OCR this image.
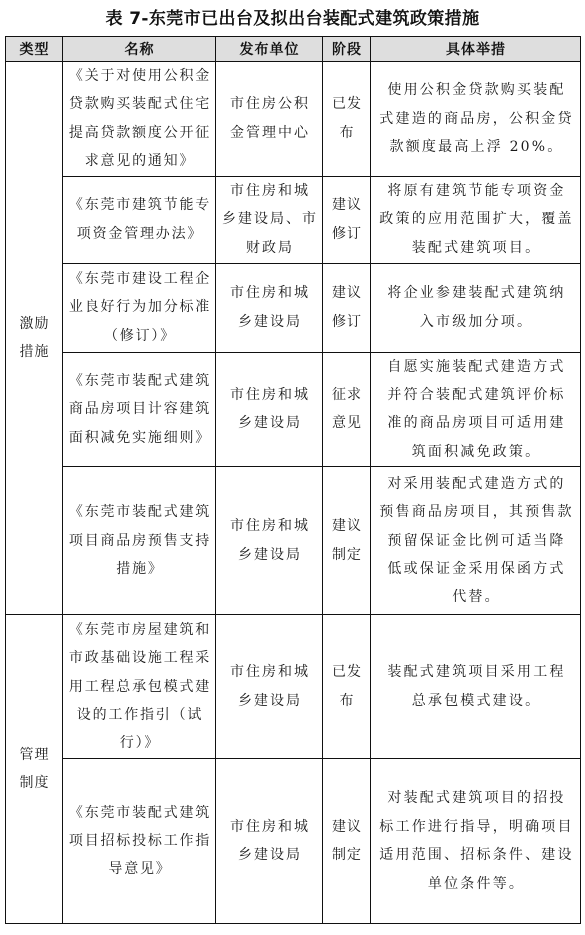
表 7-东莞市已出台及拟出台装配式建筑政策措施
类型	名称	发布单位	阶段	具体举措
激励
措施	《关于对使用公积金
贷款购买装配式住宅
提高贷款额度公开征
求意见的通知》	市住房公积
金管理中心	已发
布	使用公积金贷款购买装配
式建造的商品房，公积金贷
款额度最高上浮 20%。
	《东莞市建筑节能专
项资金管理办法》	市住房和城
乡建设局、市
财政局	建议
修订	将原有建筑节能专项资金
政策的应用范围扩大，覆盖
装配式建筑项目。
	《东莞市建设工程企
业良好行为加分标准
（修订）》	市住房和城
乡建设局	建议
修订	将企业参建装配式建筑纳
入市级加分项。
	《东莞市装配式建筑
商品房项目计容建筑
面积减免实施细则》	市住房和城
乡建设局	征求
意见	自愿实施装配式建造方式
并符合装配式建筑评价标
准的商品房项目可适用建
筑面积减免政策。
	《东莞市装配式建筑
项目商品房预售支持
措施》	市住房和城
乡建设局	建议
制定	对采用装配式建造方式的
预售商品房项目，其预售款
预留保证金比例可适当降
低或保证金采用保函方式
代替。
管理
制度	《东莞市房屋建筑和
市政基础设施工程采
用工程总承包模式建
设的工作指引（试
行）》	市住房和城
乡建设局	已发
布	装配式建筑项目采用工程
总承包模式建设。
	《东莞市装配式建筑
项目招标投标工作指
导意见》	市住房和城
乡建设局	建议
制定	对装配式建筑项目的招投
标工作进行指导，明确项目
适用范围、招标条件、建设
单位条件等。
